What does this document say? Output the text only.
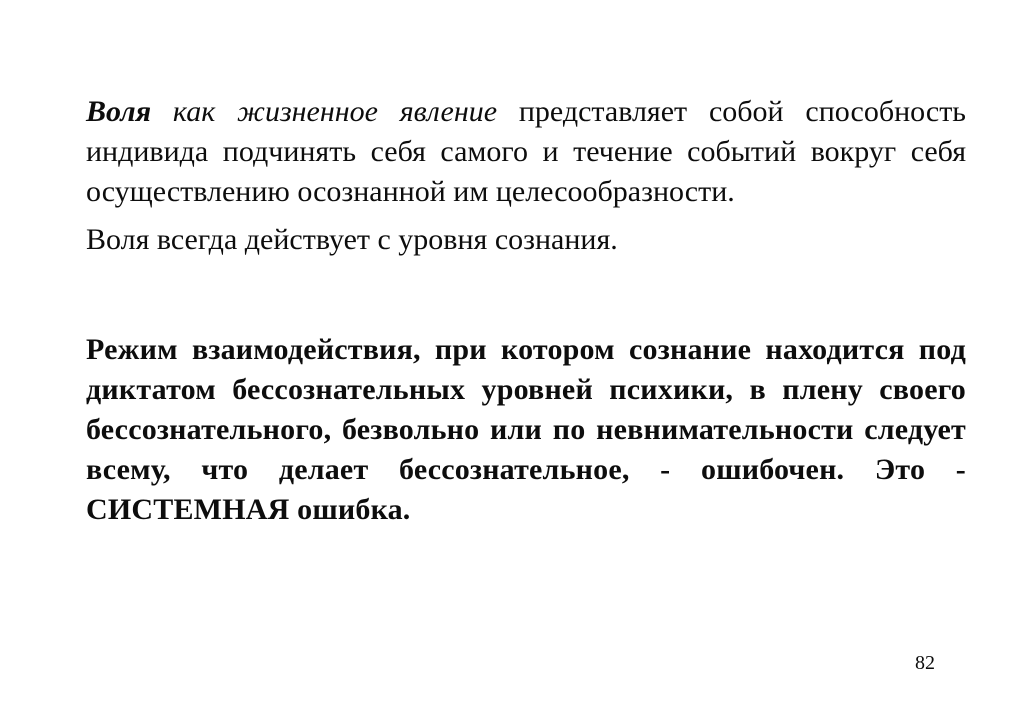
Воля как жизненное явление представляет собой способность индивида подчинять себя самого и течение событий вокруг себя осуществлению осознанной им целесообразности.

Воля всегда действует с уровня сознания.

Режим взаимодействия, при котором сознание находится под диктатом бессознательных уровней психики, в плену своего бессознательного, безвольно или по невнимательности следует всему, что делает бессознательное, - ошибочен. Это - СИСТЕМНАЯ ошибка.

82
